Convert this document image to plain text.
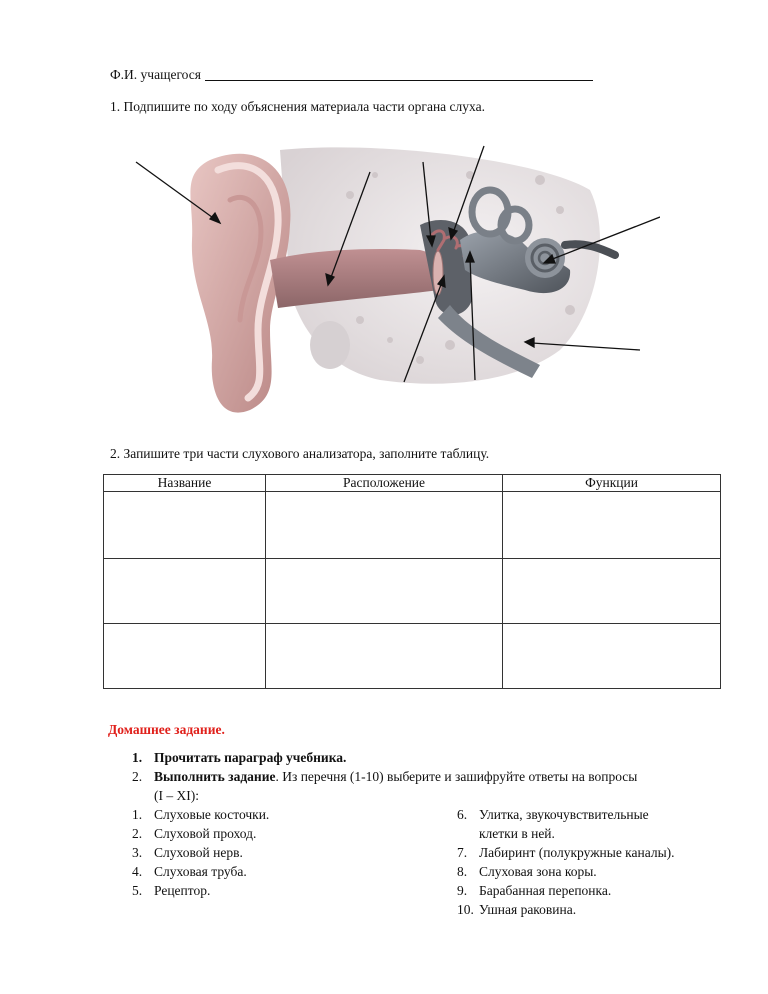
Ф.И. учащегося
1. Подпишите по ходу объяснения материала части органа слуха.
2. Запишите три части слухового анализатора, заполните таблицу.
Название	Расположение	Функции

Домашнее задание.
1. Прочитать параграф учебника.
2. Выполнить задание. Из перечня (1-10) выберите и зашифруйте ответы на вопросы
(I – XI):
1. Слуховые косточки.
2. Слуховой проход.
3. Слуховой нерв.
4. Слуховая труба.
5. Рецептор.
6. Улитка, звукочувствительные
клетки в ней.
7. Лабиринт (полукружные каналы).
8. Слуховая зона коры.
9. Барабанная перепонка.
10. Ушная раковина.
